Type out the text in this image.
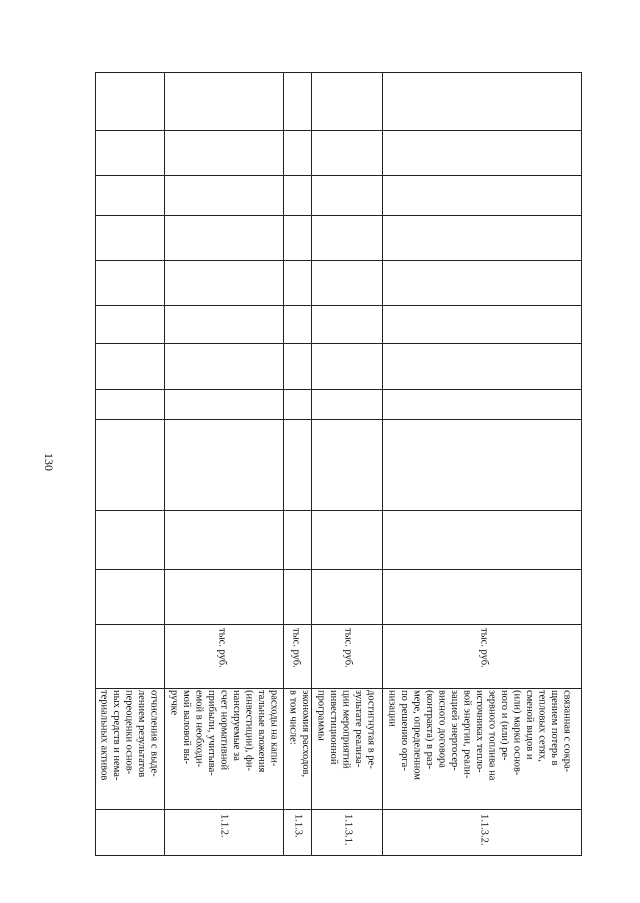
130
отчисления с выде-
лением результатов
переоценки основ-
ных средств и нема-
териальных активов
расходы на капи-
тальные вложения
(инвестиции), фи-
нансируемые за
счет нормативной
прибыли, учитыва-
емой в необходи-
мой валовой вы-
ручке
тыс. руб.
1.1.2.
экономия расходов,
в том числе:
тыс. руб.
1.1.3.
достигнутая в ре-
зультате реализа-
ции мероприятий
инвестиционной
программы
тыс. руб.
1.1.3.1.
связанная с сокра-
щением потерь в
тепловых сетях,
сменой видов и
(или) марки основ-
ного и (или) ре-
зервного топлива на
источниках тепло-
вой энергии, реали-
зацией энергосер-
висного договора
(контракта) в раз-
мере, определенном
по решению орга-
низации
тыс. руб.
1.1.3.2.
